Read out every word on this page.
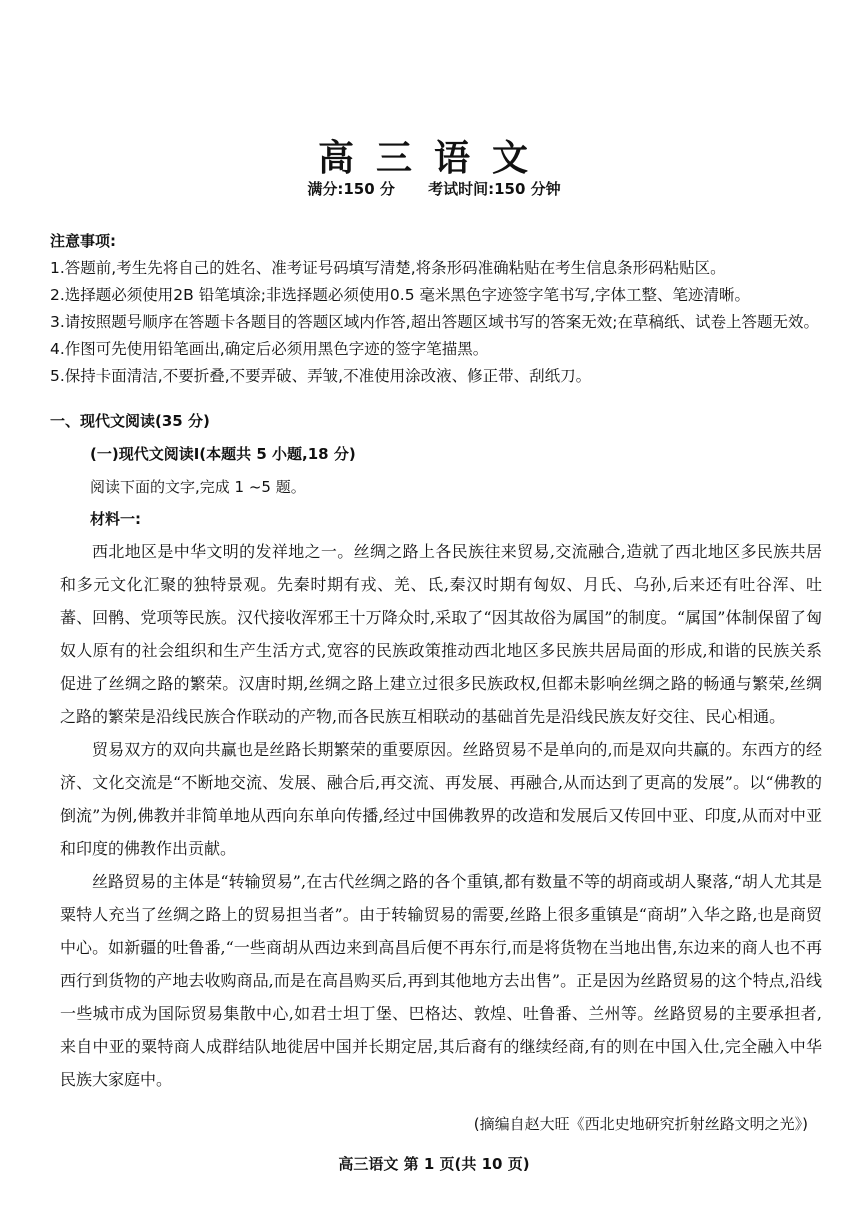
高三语文
满分:150 分 考试时间:150 分钟
注意事项:
1.答题前,考生先将自己的姓名、准考证号码填写清楚,将条形码准确粘贴在考生信息条形码粘贴区。
2.选择题必须使用2B 铅笔填涂;非选择题必须使用0.5 毫米黑色字迹签字笔书写,字体工整、笔迹清晰。
3.请按照题号顺序在答题卡各题目的答题区域内作答,超出答题区域书写的答案无效;在草稿纸、试卷上答题无效。
4.作图可先使用铅笔画出,确定后必须用黑色字迹的签字笔描黑。
5.保持卡面清洁,不要折叠,不要弄破、弄皱,不准使用涂改液、修正带、刮纸刀。
一、现代文阅读(35 分)
(一)现代文阅读Ⅰ(本题共 5 小题,18 分)
阅读下面的文字,完成 1 ~5 题。
材料一:

西北地区是中华文明的发祥地之一。丝绸之路上各民族往来贸易,交流融合,造就了西北地区多民族共居和多元文化汇聚的独特景观。先秦时期有戎、羌、氐,秦汉时期有匈奴、月氏、乌孙,后来还有吐谷浑、吐蕃、回鹘、党项等民族。汉代接收浑邪王十万降众时,采取了“因其故俗为属国”的制度。“属国”体制保留了匈奴人原有的社会组织和生产生活方式,宽容的民族政策推动西北地区多民族共居局面的形成,和谐的民族关系促进了丝绸之路的繁荣。汉唐时期,丝绸之路上建立过很多民族政权,但都未影响丝绸之路的畅通与繁荣,丝绸之路的繁荣是沿线民族合作联动的产物,而各民族互相联动的基础首先是沿线民族友好交往、民心相通。

贸易双方的双向共赢也是丝路长期繁荣的重要原因。丝路贸易不是单向的,而是双向共赢的。东西方的经济、文化交流是“不断地交流、发展、融合后,再交流、再发展、再融合,从而达到了更高的发展”。以“佛教的倒流”为例,佛教并非简单地从西向东单向传播,经过中国佛教界的改造和发展后又传回中亚、印度,从而对中亚和印度的佛教作出贡献。

丝路贸易的主体是“转输贸易”,在古代丝绸之路的各个重镇,都有数量不等的胡商或胡人聚落,“胡人尤其是粟特人充当了丝绸之路上的贸易担当者”。由于转输贸易的需要,丝路上很多重镇是“商胡”入华之路,也是商贸中心。如新疆的吐鲁番,“一些商胡从西边来到高昌后便不再东行,而是将货物在当地出售,东边来的商人也不再西行到货物的产地去收购商品,而是在高昌购买后,再到其他地方去出售”。正是因为丝路贸易的这个特点,沿线一些城市成为国际贸易集散中心,如君士坦丁堡、巴格达、敦煌、吐鲁番、兰州等。丝路贸易的主要承担者,来自中亚的粟特商人成群结队地徙居中国并长期定居,其后裔有的继续经商,有的则在中国入仕,完全融入中华民族大家庭中。

(摘编自赵大旺《西北史地研究折射丝路文明之光》)
高三语文 第 1 页(共 10 页)
